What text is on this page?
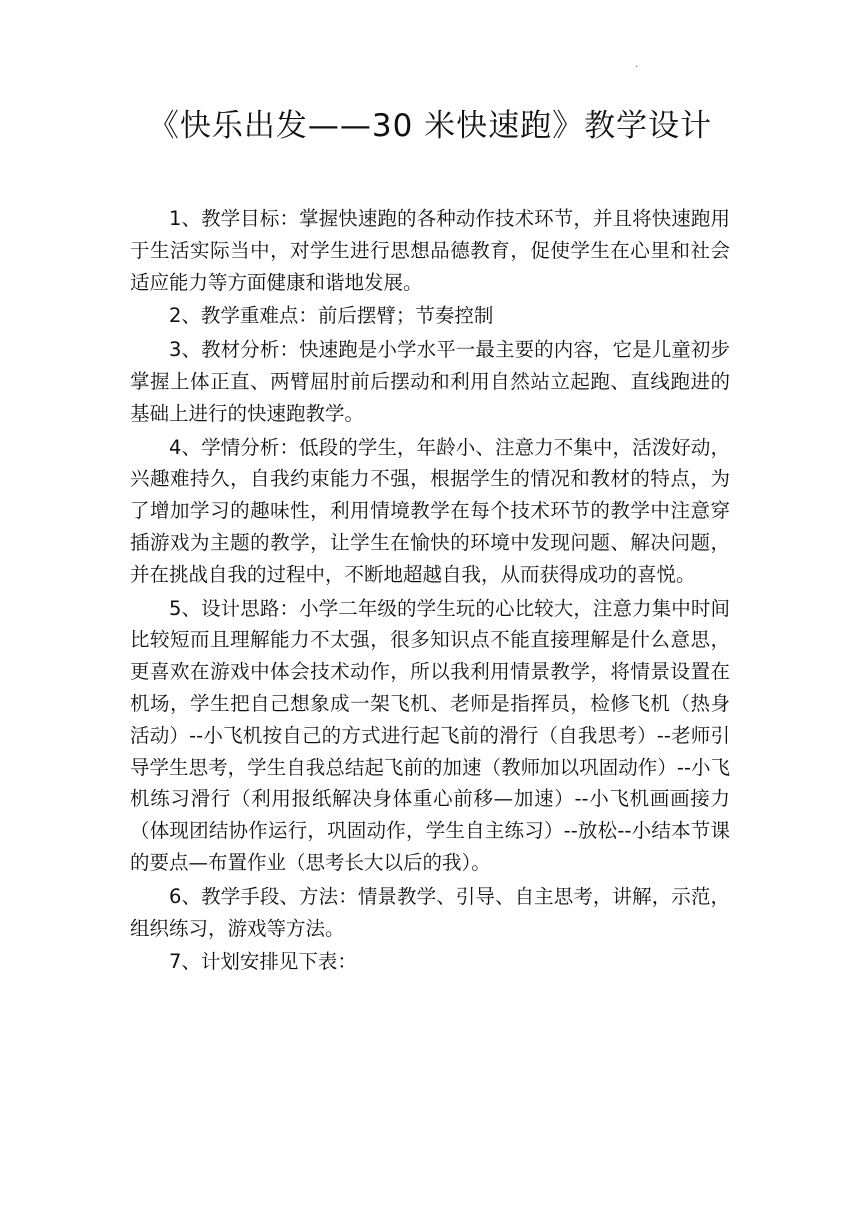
.
《快乐出发——30 米快速跑》教学设计

1、教学目标：掌握快速跑的各种动作技术环节，并且将快速跑用于生活实际当中，对学生进行思想品德教育，促使学生在心里和社会适应能力等方面健康和谐地发展。

2、教学重难点：前后摆臂；节奏控制

3、教材分析：快速跑是小学水平一最主要的内容，它是儿童初步掌握上体正直、两臂屈肘前后摆动和利用自然站立起跑、直线跑进的基础上进行的快速跑教学。

4、学情分析：低段的学生，年龄小、注意力不集中，活泼好动，兴趣难持久，自我约束能力不强，根据学生的情况和教材的特点，为了增加学习的趣味性，利用情境教学在每个技术环节的教学中注意穿插游戏为主题的教学，让学生在愉快的环境中发现问题、解决问题，并在挑战自我的过程中，不断地超越自我，从而获得成功的喜悦。

5、设计思路：小学二年级的学生玩的心比较大，注意力集中时间比较短而且理解能力不太强，很多知识点不能直接理解是什么意思，更喜欢在游戏中体会技术动作，所以我利用情景教学，将情景设置在机场，学生把自己想象成一架飞机、老师是指挥员，检修飞机（热身活动）--小飞机按自己的方式进行起飞前的滑行（自我思考）--老师引导学生思考，学生自我总结起飞前的加速（教师加以巩固动作）--小飞机练习滑行（利用报纸解决身体重心前移—加速）--小飞机画画接力（体现团结协作运行，巩固动作，学生自主练习）--放松--小结本节课的要点—布置作业（思考长大以后的我）。

6、教学手段、方法：情景教学、引导、自主思考，讲解，示范，组织练习，游戏等方法。

7、计划安排见下表：
